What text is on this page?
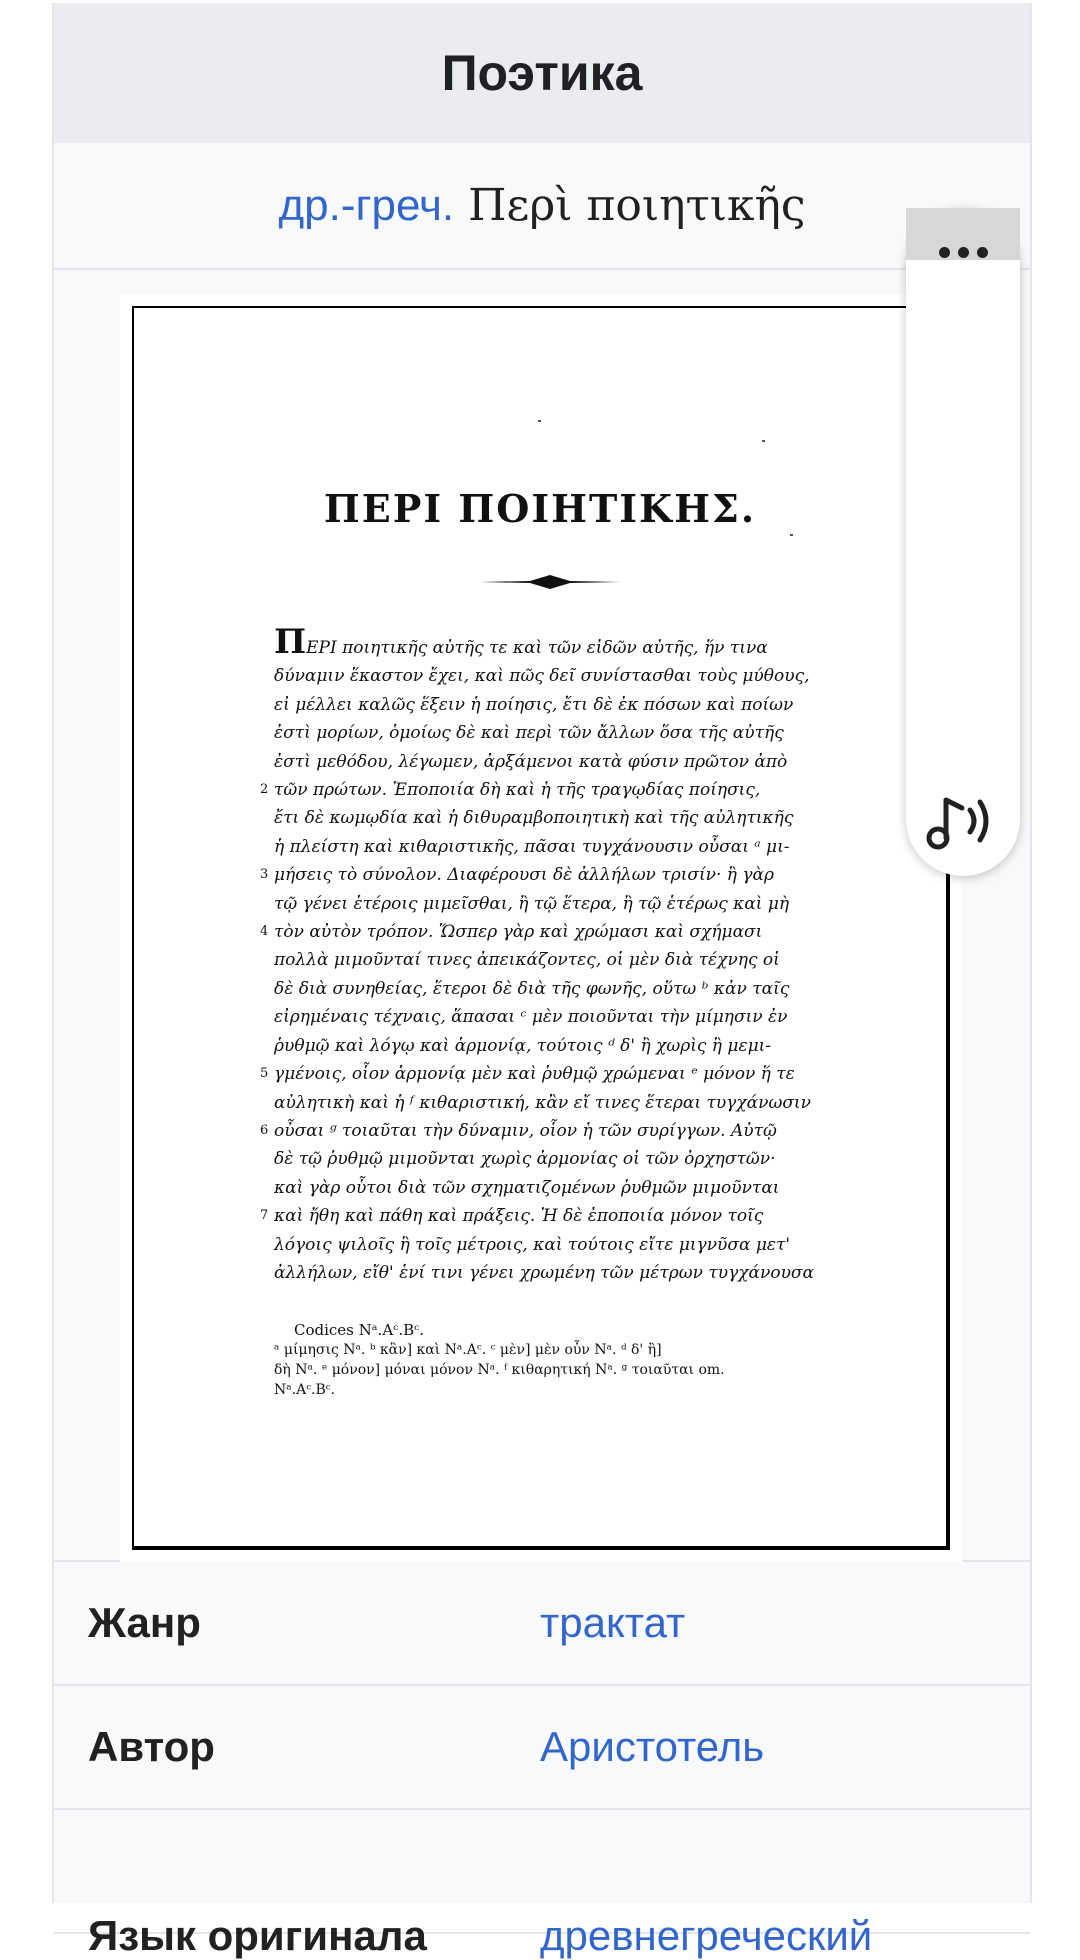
Поэтика
др.-греч. Περὶ ποιητικῆς
ΠΕΡΙ ΠΟΙΗΤΙΚΗΣ.
ΠΕΡΙ ποιητικῆς αὐτῆς τε καὶ τῶν εἰδῶν αὐτῆς, ἥν τινα
δύναμιν ἕκαστον ἔχει, καὶ πῶς δεῖ συνίστασθαι τοὺς μύθους,
εἰ μέλλει καλῶς ἕξειν ἡ ποίησις, ἔτι δὲ ἐκ πόσων καὶ ποίων
ἐστὶ μορίων, ὁμοίως δὲ καὶ περὶ τῶν ἄλλων ὅσα τῆς αὐτῆς
ἐστὶ μεθόδου, λέγωμεν, ἀρξάμενοι κατὰ φύσιν πρῶτον ἀπὸ
2 τῶν πρώτων. Ἐποποιία δὴ καὶ ἡ τῆς τραγῳδίας ποίησις,
ἔτι δὲ κωμῳδία καὶ ἡ διθυραμβοποιητικὴ καὶ τῆς αὐλητικῆς
ἡ πλείστη καὶ κιθαριστικῆς, πᾶσαι τυγχάνουσιν οὖσαι ᵃ μι-
3 μήσεις τὸ σύνολον. Διαφέρουσι δὲ ἀλλήλων τρισίν· ἢ γὰρ
τῷ γένει ἑτέροις μιμεῖσθαι, ἢ τῷ ἕτερα, ἢ τῷ ἑτέρως καὶ μὴ
4 τὸν αὐτὸν τρόπον. Ὥσπερ γὰρ καὶ χρώμασι καὶ σχήμασι
πολλὰ μιμοῦνταί τινες ἀπεικάζοντες, οἱ μὲν διὰ τέχνης οἱ
δὲ διὰ συνηθείας, ἕτεροι δὲ διὰ τῆς φωνῆς, οὕτω ᵇ κἀν ταῖς
εἰρημέναις τέχναις, ἅπασαι ᶜ μὲν ποιοῦνται τὴν μίμησιν ἐν
ῥυθμῷ καὶ λόγῳ καὶ ἁρμονίᾳ, τούτοις ᵈ δ' ἢ χωρὶς ἢ μεμι-
5 γμένοις, οἷον ἁρμονίᾳ μὲν καὶ ῥυθμῷ χρώμεναι ᵉ μόνον ἥ τε
αὐλητικὴ καὶ ἡ ᶠ κιθαριστική, κἂν εἴ τινες ἕτεραι τυγχάνωσιν
6 οὖσαι ᵍ τοιαῦται τὴν δύναμιν, οἷον ἡ τῶν συρίγγων. Αὐτῷ
δὲ τῷ ῥυθμῷ μιμοῦνται χωρὶς ἁρμονίας οἱ τῶν ὀρχηστῶν·
καὶ γὰρ οὗτοι διὰ τῶν σχηματιζομένων ῥυθμῶν μιμοῦνται
7 καὶ ἤθη καὶ πάθη καὶ πράξεις. Ἡ δὲ ἐποποιία μόνον τοῖς
λόγοις ψιλοῖς ἢ τοῖς μέτροις, καὶ τούτοις εἴτε μιγνῦσα μετ'
ἀλλήλων, εἴθ' ἑνί τινι γένει χρωμένη τῶν μέτρων τυγχάνουσα
Codices Nᵃ.Aᶜ.Bᶜ.
ᵃ μίμησις Nᵃ. ᵇ κἂν] καὶ Nᵃ.Aᶜ. ᶜ μὲν] μὲν οὖν Nᵃ. ᵈ δ' ἢ]
δὴ Nᵃ. ᵉ μόνον] μόναι μόνον Nᵃ. ᶠ κιθαρητική Nᵃ. ᵍ τοιαῦται om.
Nᵃ.Aᶜ.Bᶜ.
Жанр	трактат
Автор	Аристотель
Язык оригинала	древнегреческий
